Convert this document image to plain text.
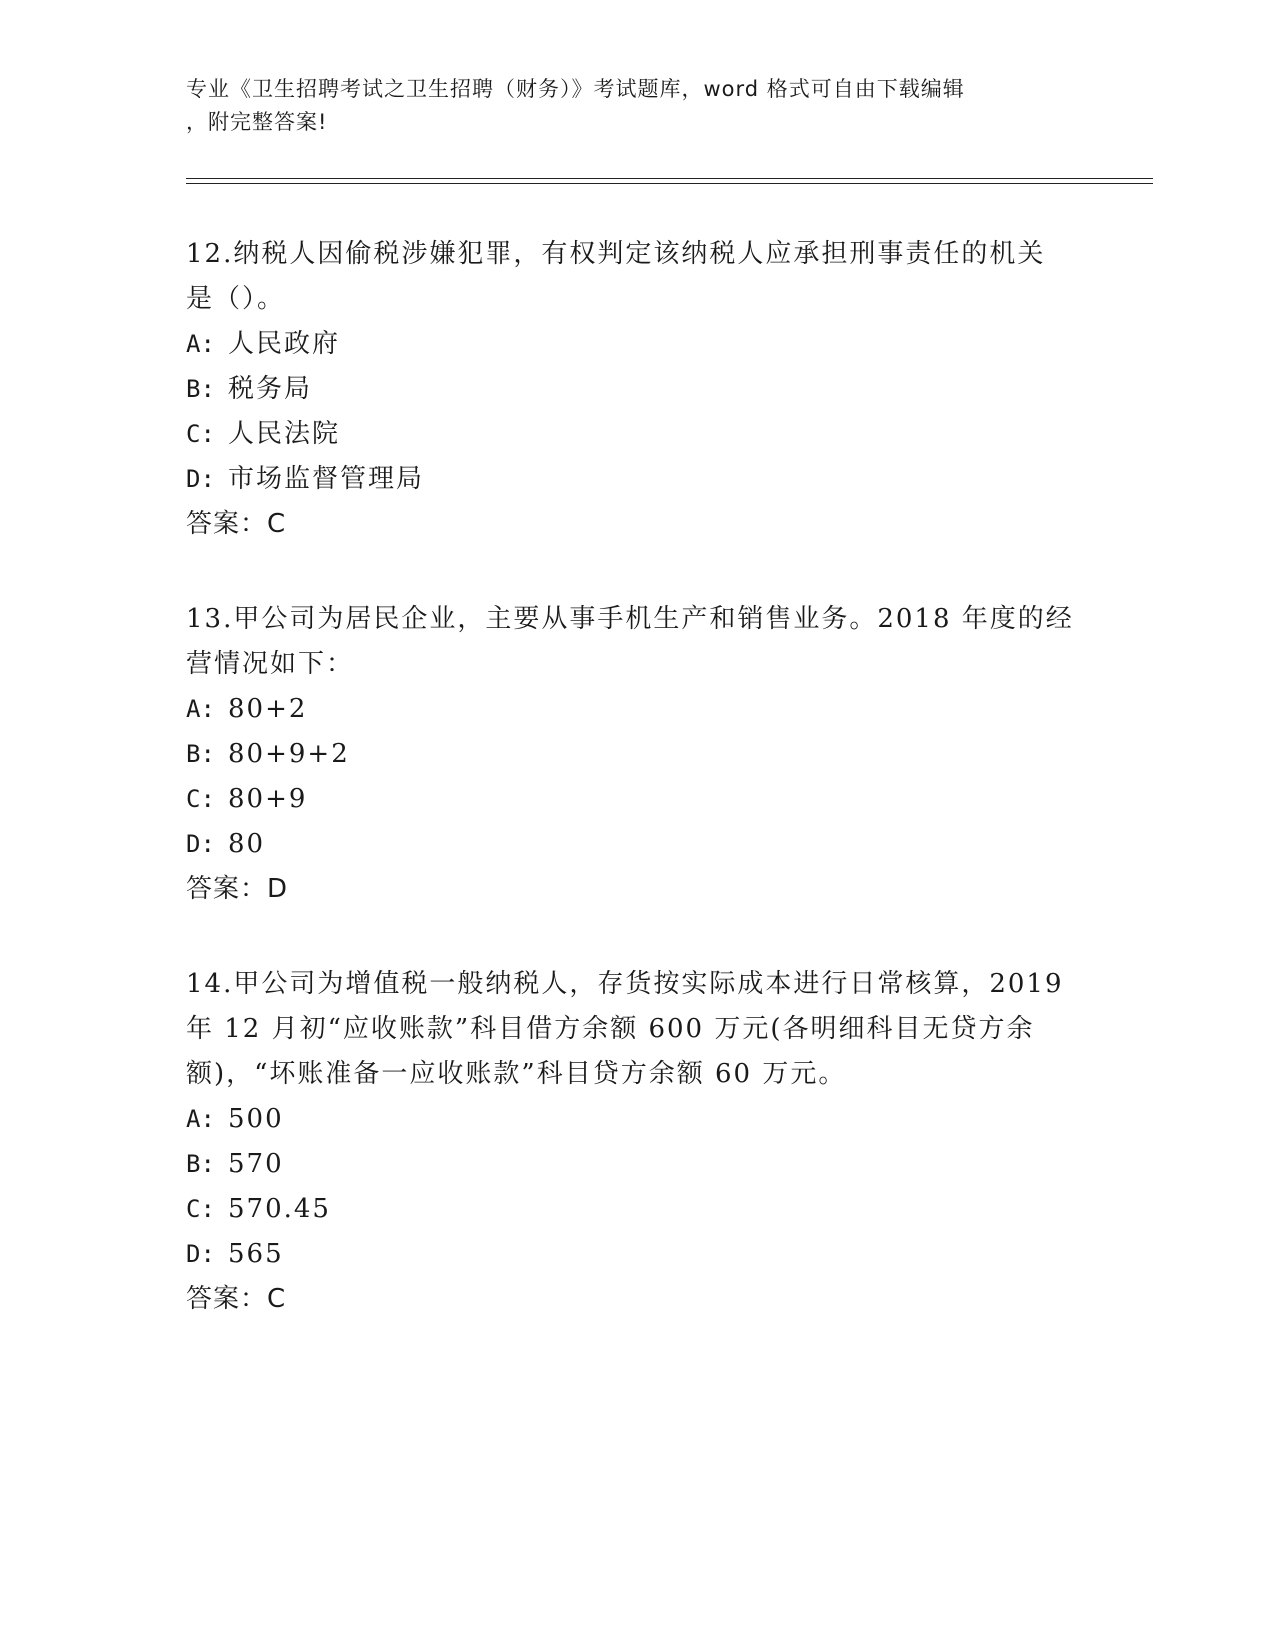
专业《卫生招聘考试之卫生招聘（财务）》考试题库，word 格式可自由下载编辑
，附完整答案!
12.纳税人因偷税涉嫌犯罪，有权判定该纳税人应承担刑事责任的机关
是（）。
A: 人民政府
B: 税务局
C: 人民法院
D: 市场监督管理局
答案：C
13.甲公司为居民企业，主要从事手机生产和销售业务。2018 年度的经
营情况如下：
A: 80+2
B: 80+9+2
C: 80+9
D: 80
答案：D
14.甲公司为增值税一般纳税人，存货按实际成本进行日常核算，2019
年 12 月初“应收账款”科目借方余额 600 万元(各明细科目无贷方余
额)，“坏账准备一应收账款”科目贷方余额 60 万元。
A: 500
B: 570
C: 570.45
D: 565
答案：C
